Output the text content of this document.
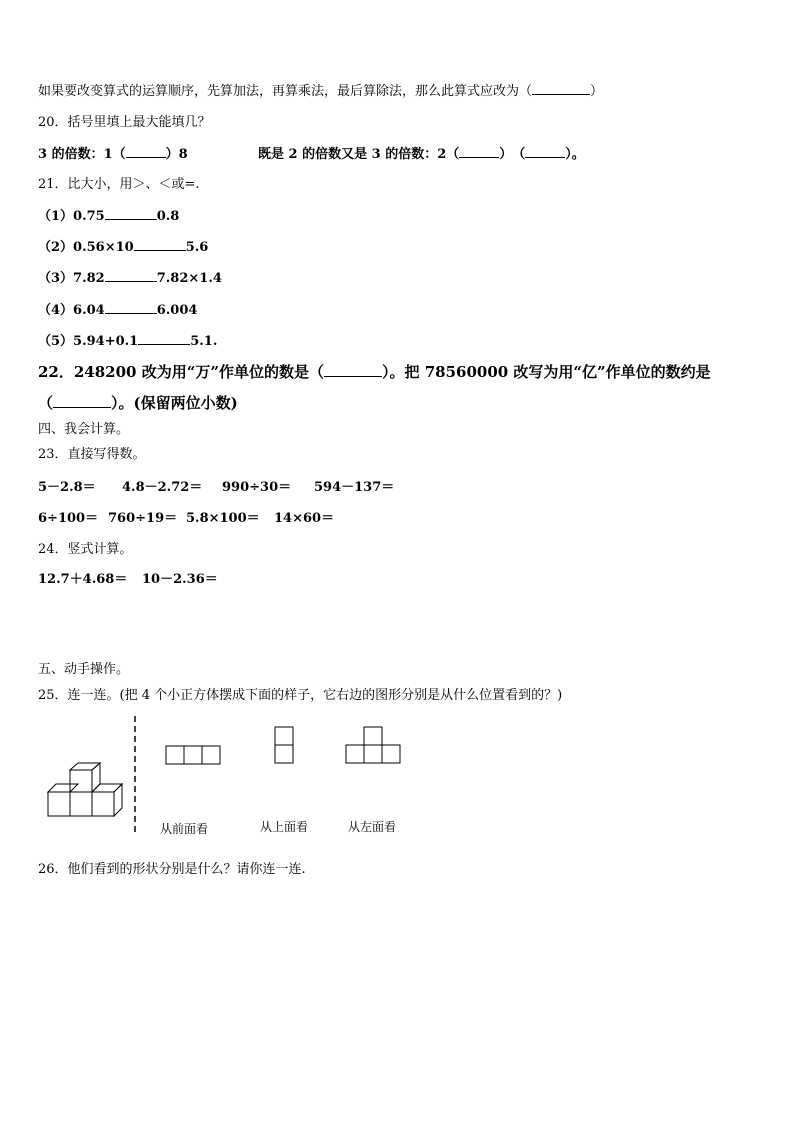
如果要改变算式的运算顺序，先算加法，再算乘法，最后算除法，那么此算式应改为（	）
20．括号里填上最大能填几？
3 的倍数：1（	）8	既是 2 的倍数又是 3 的倍数：2（	）　（	）。
21．比大小，用＞、＜或=.
（1）0.75	0.8
（2）0.56×10	5.6
（3）7.82	7.82×1.4
（4）6.04	6.004
（5）5.94+0.1	5.1.
22．248200 改为用“万”作单位的数是（	）。把 78560000 改写为用“亿”作单位的数约是
（	）。(保留两位小数)
四、我会计算。
23．直接写得数。
5－2.8＝ 4.8－2.72＝ 990÷30＝ 594－137＝
6÷100＝ 760÷19＝ 5.8×100＝ 14×60＝
24．竖式计算。
12.7＋4.68＝ 10－2.36＝
五、动手操作。
25．连一连。(把 4 个小正方体摆成下面的样子，它右边的图形分别是从什么位置看到的？)
从前面看	从上面看	从左面看
26．他们看到的形状分别是什么？请你连一连.
